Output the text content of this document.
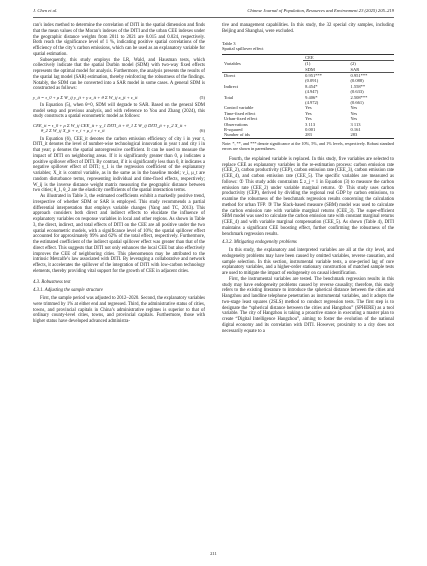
J. Chen et al.	Chinese Journal of Population, Resources and Environment 23 (2025) 205–219

ran’s index method to determine the correlation of DITI in the spatial dimension and finds that the mean values of the Moran’s indexes of the DITI and the urban CEE indexes under the geographic distance weights from 2011 to 2021 are 0.015 and 0.024, respectively. Both reach the significance level of 1 %, indicating positive spatial correlations of the efficiency of the city’s carbon emissions, which can be used as an explanatory variable for spatial estimation.

Subsequently, this study employs the LR, Wald, and Hausman tests, which collectively indicate that the spatial Durbin model (SDM) with two-way fixed effects represents the optimal model for analysis. Furthermore, the analysis presents the results of the spatial lag model (SAR) estimation, thereby reinforcing the robustness of the findings. Notably, the SDM can be converted into a SAR model in some cases. A general SDM is constructed as follows:

y_it = τ_0 + ρ Σ W_ij y_jt + γ x_it + θ Σ W_ij x_jt + ε_it	(5)

In Equation (5), when θ=0, SDM will degrade to SAR. Based on the general SDM model setup and previous analysis, and with reference to You and Zhang (2024), this study constructs a spatial econometric model as follows:

CEE_it = τ_0 + ρ Σ W_ij CEE_it + γ_1 DITI_it + θ_1 Σ W_ij DITI_jt + γ_2 X_it +
θ_2 Σ W_ij X_jt + ν_i + μ_t + ε_it	(6)

In Equation (6), CEE_it denotes the carbon emission efficiency of city i in year t, DITI_it denotes the level of number-wise technological innovation in year t and city i in that year; ρ denotes the spatial autoregressive coefficient. It can be used to measure the impact of DITI on neighboring areas. If it is significantly greater than 0, ρ indicates a positive spillover effect of DITI. By contrast, if it is significantly less than 0, it indicates a negative spillover effect of DITI; γ_1 is the regression coefficient of the explanatory variables; X_it is control variable, as in the same as in the baseline model; ν_i, μ_t are random disturbance terms, representing individual and time-fixed effects, respectively; W_ij is the inverse distance weight matrix measuring the geographic distance between two cities; θ_1, θ_2 are the elasticity coefficients of the spatial interaction terms.

As illustrated in Table 3, the estimated coefficients exhibit a markedly positive trend, irrespective of whether SDM or SAR is employed. This study recommends a partial differential interpretation that employs variable changes (Yang and TC, 2013). This approach considers both direct and indirect effects to elucidate the influence of explanatory variables on response variables in local and other regions. As shown in Table 3, the direct, indirect, and total effects of DITI on the CEE are all positive under the two spatial econometric models, with a significance level of 10%; the spatial spillover effect accounted for approximately 99% and 62% of the total effect, respectively. Furthermore, the estimated coefficient of the indirect spatial spillover effect was greater than that of the direct effect. This suggests that DITI not only enhances the local CEE but also effectively improves the CEE of neighboring cities. This phenomenon may be attributed to the intrinsic Metcalfe’s law associated with DITI. By leveraging a collaborative and network effects, it accelerates the spillover of the integration of DITI with low-carbon technology elements, thereby providing vital support for the growth of CEE in adjacent cities.

4.3. Robustness test
4.3.1. Adjusting the sample structure

First, the sample period was adjusted to 2012–2020. Second, the explanatory variables were trimmed by 1% at either end and regressed. Third, the administrative status of cities, towns, and provincial capitals in China’s administrative regimes is superior to that of ordinary county-level cities, towns, and provincial capitals. Furthermore, those with higher status have developed advanced administra-

tive and management capabilities. In this study, the 32 special city samples, including Beijing and Shanghai, were excluded.

Table 3
Spatial spillover effect
	CEE	
Variables	(1)	(2)
	SDM	SAR
Direct	0.951***	0.951***
	(0.091)	(0.088)
Indirect	8.454*	1.558**
	(4.947)	(0.633)
Total	9.406*	2.508***
	(4.972)	(0.661)
Control variable	Yes	Yes
Time-fixed effect	Yes	Yes
Urban-fixed effect	Yes	Yes
Observations	3 113	3 113
R-squared	0.001	0.161
Number of ids	283	283
Note: *, **, and *** denote significance at the 10%, 5%, and 1% levels, respectively. Robust standard errors are shown in parentheses.

Fourth, the explained variable is replaced. In this study, five variables are selected to replace CEE as explanatory variables in the re-estimation process: carbon emission rate (CEE_2), carbon productivity (CEP), carbon emission rate (CEE_3), carbon emission rate (CEE_4), and carbon emission rate (CEE_5). The specific variables are measured as follows: ① This study adds constraints Σ z_j = 1 in Equation (3) to measure the carbon emission rate (CEE_2) under variable marginal returns. ② This study uses carbon productivity (CEP), derived by dividing the regional real GDP by carbon emissions, to examine the robustness of the benchmark regression results concerning the calculation method for urban TFP. ③ The Slack-based measure (SBM) model was used to calculate the carbon emission rate with variable marginal returns (CEE_3). The super-efficient SBM model was used to calculate the carbon emission rate with constant marginal returns (CEE_4) and with variable marginal compensation (CEE_5). As shown (Table 4), DITI maintains a significant CEE boosting effect, further confirming the robustness of the benchmark regression results.

4.3.2. Mitigating endogeneity problems

In this study, the explanatory and interpreted variables are all at the city level, and endogeneity problems may have been caused by omitted variables, reverse causation, and sample selection. In this section, instrumental variable tests, a one-period lag of core explanatory variables, and a higher-order stationary construction of matched sample tests are used to mitigate the impact of endogeneity on causal identification.

First, the instrumental variables are tested. The benchmark regression results in this study may have endogeneity problems caused by reverse causality; therefore, this study refers to the existing literature to introduce the spherical distance between the cities and Hangzhou and landline telephone penetration as instrumental variables, and it adopts the two-stage least squares (2SLS) method to conduct regression tests. The first step is to designate the “spherical distance between the cities and Hangzhou” (SPHERE) as a tool variable. The city of Hangzhou is taking a proactive stance in executing a master plan to create “Digital Intelligence Hangzhou”, aiming to foster the evolution of the national digital economy and its correlation with DITI. However, proximity to a city does not necessarily equate to a

211
